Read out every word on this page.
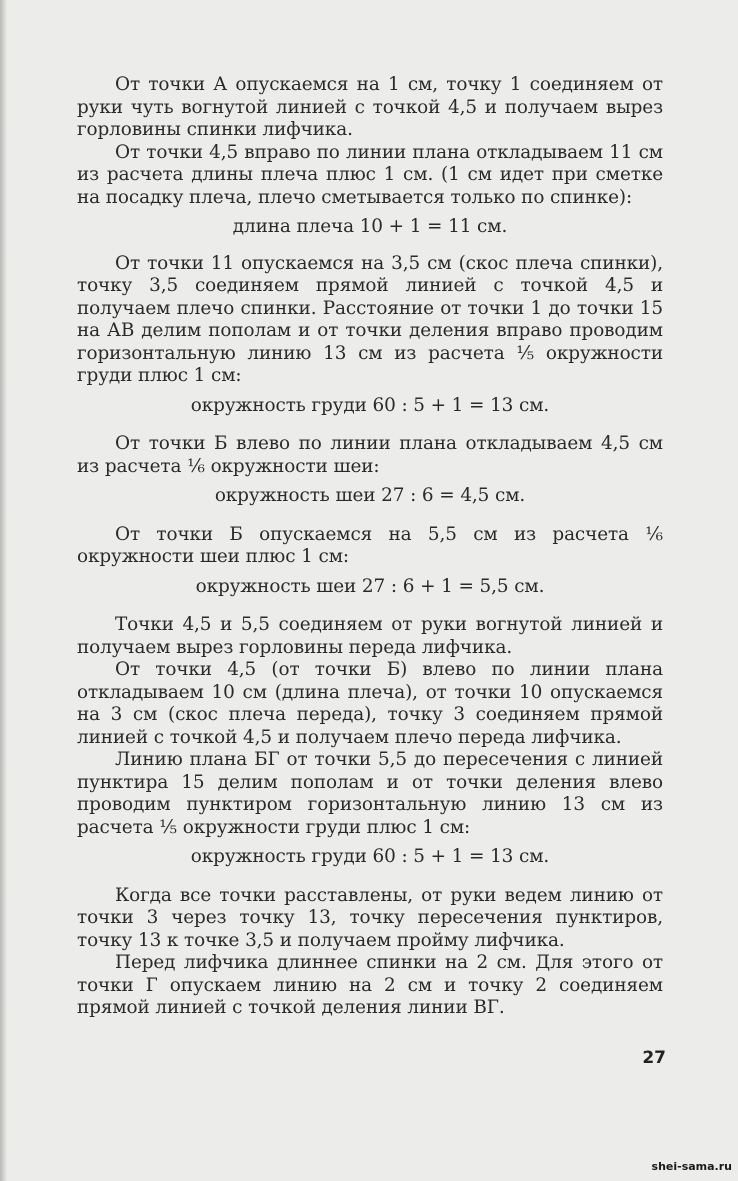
От точки А опускаемся на 1 см, точку 1 соединяем от руки чуть вогнутой линией с точкой 4,5 и получаем вырез горловины спинки лифчика.

От точки 4,5 вправо по линии плана откладываем 11 см из расчета длины плеча плюс 1 см. (1 см идет при сметке на посадку плеча, плечо сметывается только по спинке):

длина плеча 10 + 1 = 11 см.

От точки 11 опускаемся на 3,5 см (скос плеча спинки), точку 3,5 соединяем прямой линией с точкой 4,5 и получаем плечо спинки. Расстояние от точки 1 до точки 15 на АВ делим пополам и от точки деления вправо проводим горизонтальную линию 13 см из расчета ⅕ окружности груди плюс 1 см:

окружность груди 60 : 5 + 1 = 13 см.

От точки Б влево по линии плана откладываем 4,5 см из расчета ⅙ окружности шеи:

окружность шеи 27 : 6 = 4,5 см.

От точки Б опускаемся на 5,5 см из расчета ⅙ окружности шеи плюс 1 см:

окружность шеи 27 : 6 + 1 = 5,5 см.

Точки 4,5 и 5,5 соединяем от руки вогнутой линией и получаем вырез горловины переда лифчика.

От точки 4,5 (от точки Б) влево по линии плана откладываем 10 см (длина плеча), от точки 10 опускаемся на 3 см (скос плеча переда), точку 3 соединяем прямой линией с точкой 4,5 и получаем плечо переда лифчика.

Линию плана БГ от точки 5,5 до пересечения с линией пунктира 15 делим пополам и от точки деления влево проводим пунктиром горизонтальную линию 13 см из расчета ⅕ окружности груди плюс 1 см:

окружность груди 60 : 5 + 1 = 13 см.

Когда все точки расставлены, от руки ведем линию от точки 3 через точку 13, точку пересечения пунктиров, точку 13 к точке 3,5 и получаем пройму лифчика.

Перед лифчика длиннее спинки на 2 см. Для этого от точки Г опускаем линию на 2 см и точку 2 соединяем прямой линией с точкой деления линии ВГ.

27
shei-sama.ru
